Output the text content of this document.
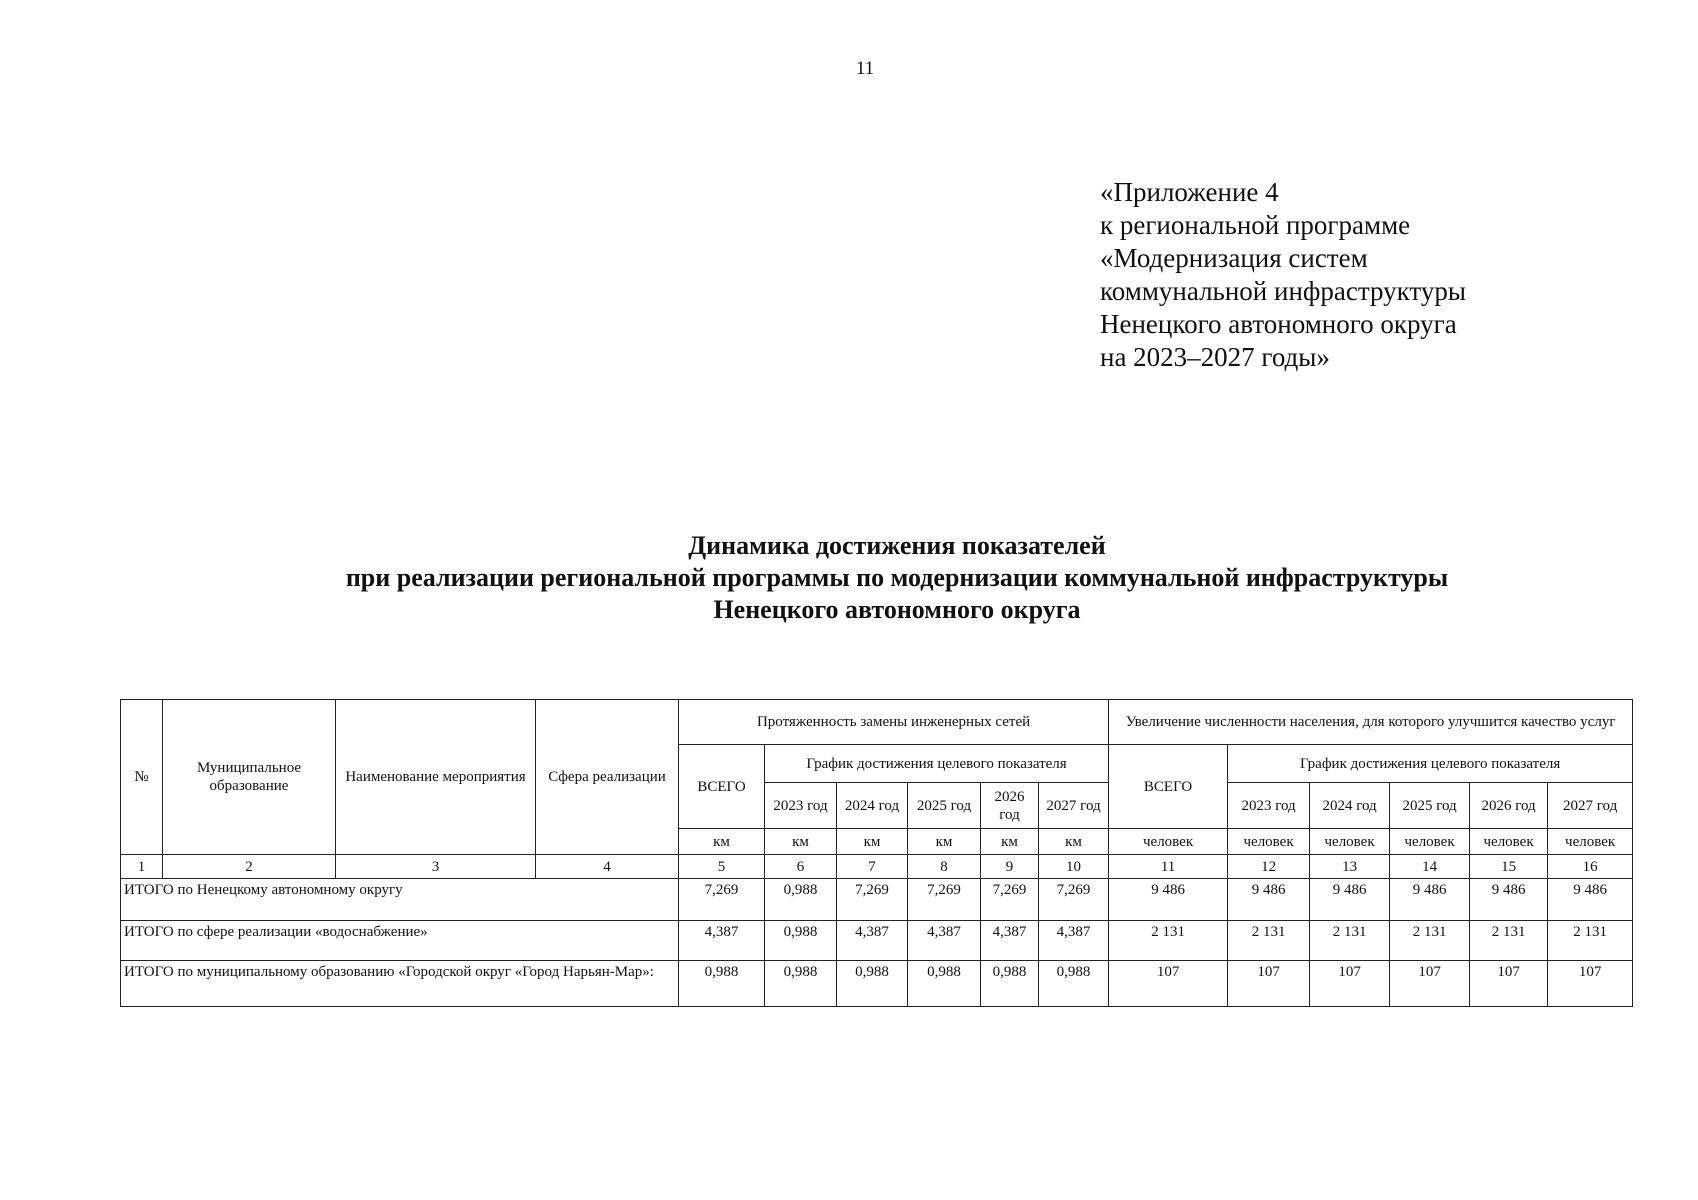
11
«Приложение 4
к региональной программе
«Модернизация систем
коммунальной инфраструктуры
Ненецкого автономного округа
на 2023–2027 годы»
Динамика достижения показателей
при реализации региональной программы по модернизации коммунальной инфраструктуры
Ненецкого автономного округа
№	Муниципальное образование	Наименование мероприятия	Сфера реализации	Протяженность замены инженерных сетей						Увеличение численности населения, для которого улучшится качество услуг					
				ВСЕГО	График достижения целевого показателя					ВСЕГО	График достижения целевого показателя				
					2023 год	2024 год	2025 год	2026 год	2027 год		2023 год	2024 год	2025 год	2026 год	2027 год
				км	км	км	км	км	км	человек	человек	человек	человек	человек	человек
1	2	3	4	5	6	7	8	9	10	11	12	13	14	15	16
ИТОГО по Ненецкому автономному округу				7,269	0,988	7,269	7,269	7,269	7,269	9 486	9 486	9 486	9 486	9 486	9 486
ИТОГО по сфере реализации «водоснабжение»				4,387	0,988	4,387	4,387	4,387	4,387	2 131	2 131	2 131	2 131	2 131	2 131
ИТОГО по муниципальному образованию «Городской округ «Город Нарьян-Мар»:				0,988	0,988	0,988	0,988	0,988	0,988	107	107	107	107	107	107
